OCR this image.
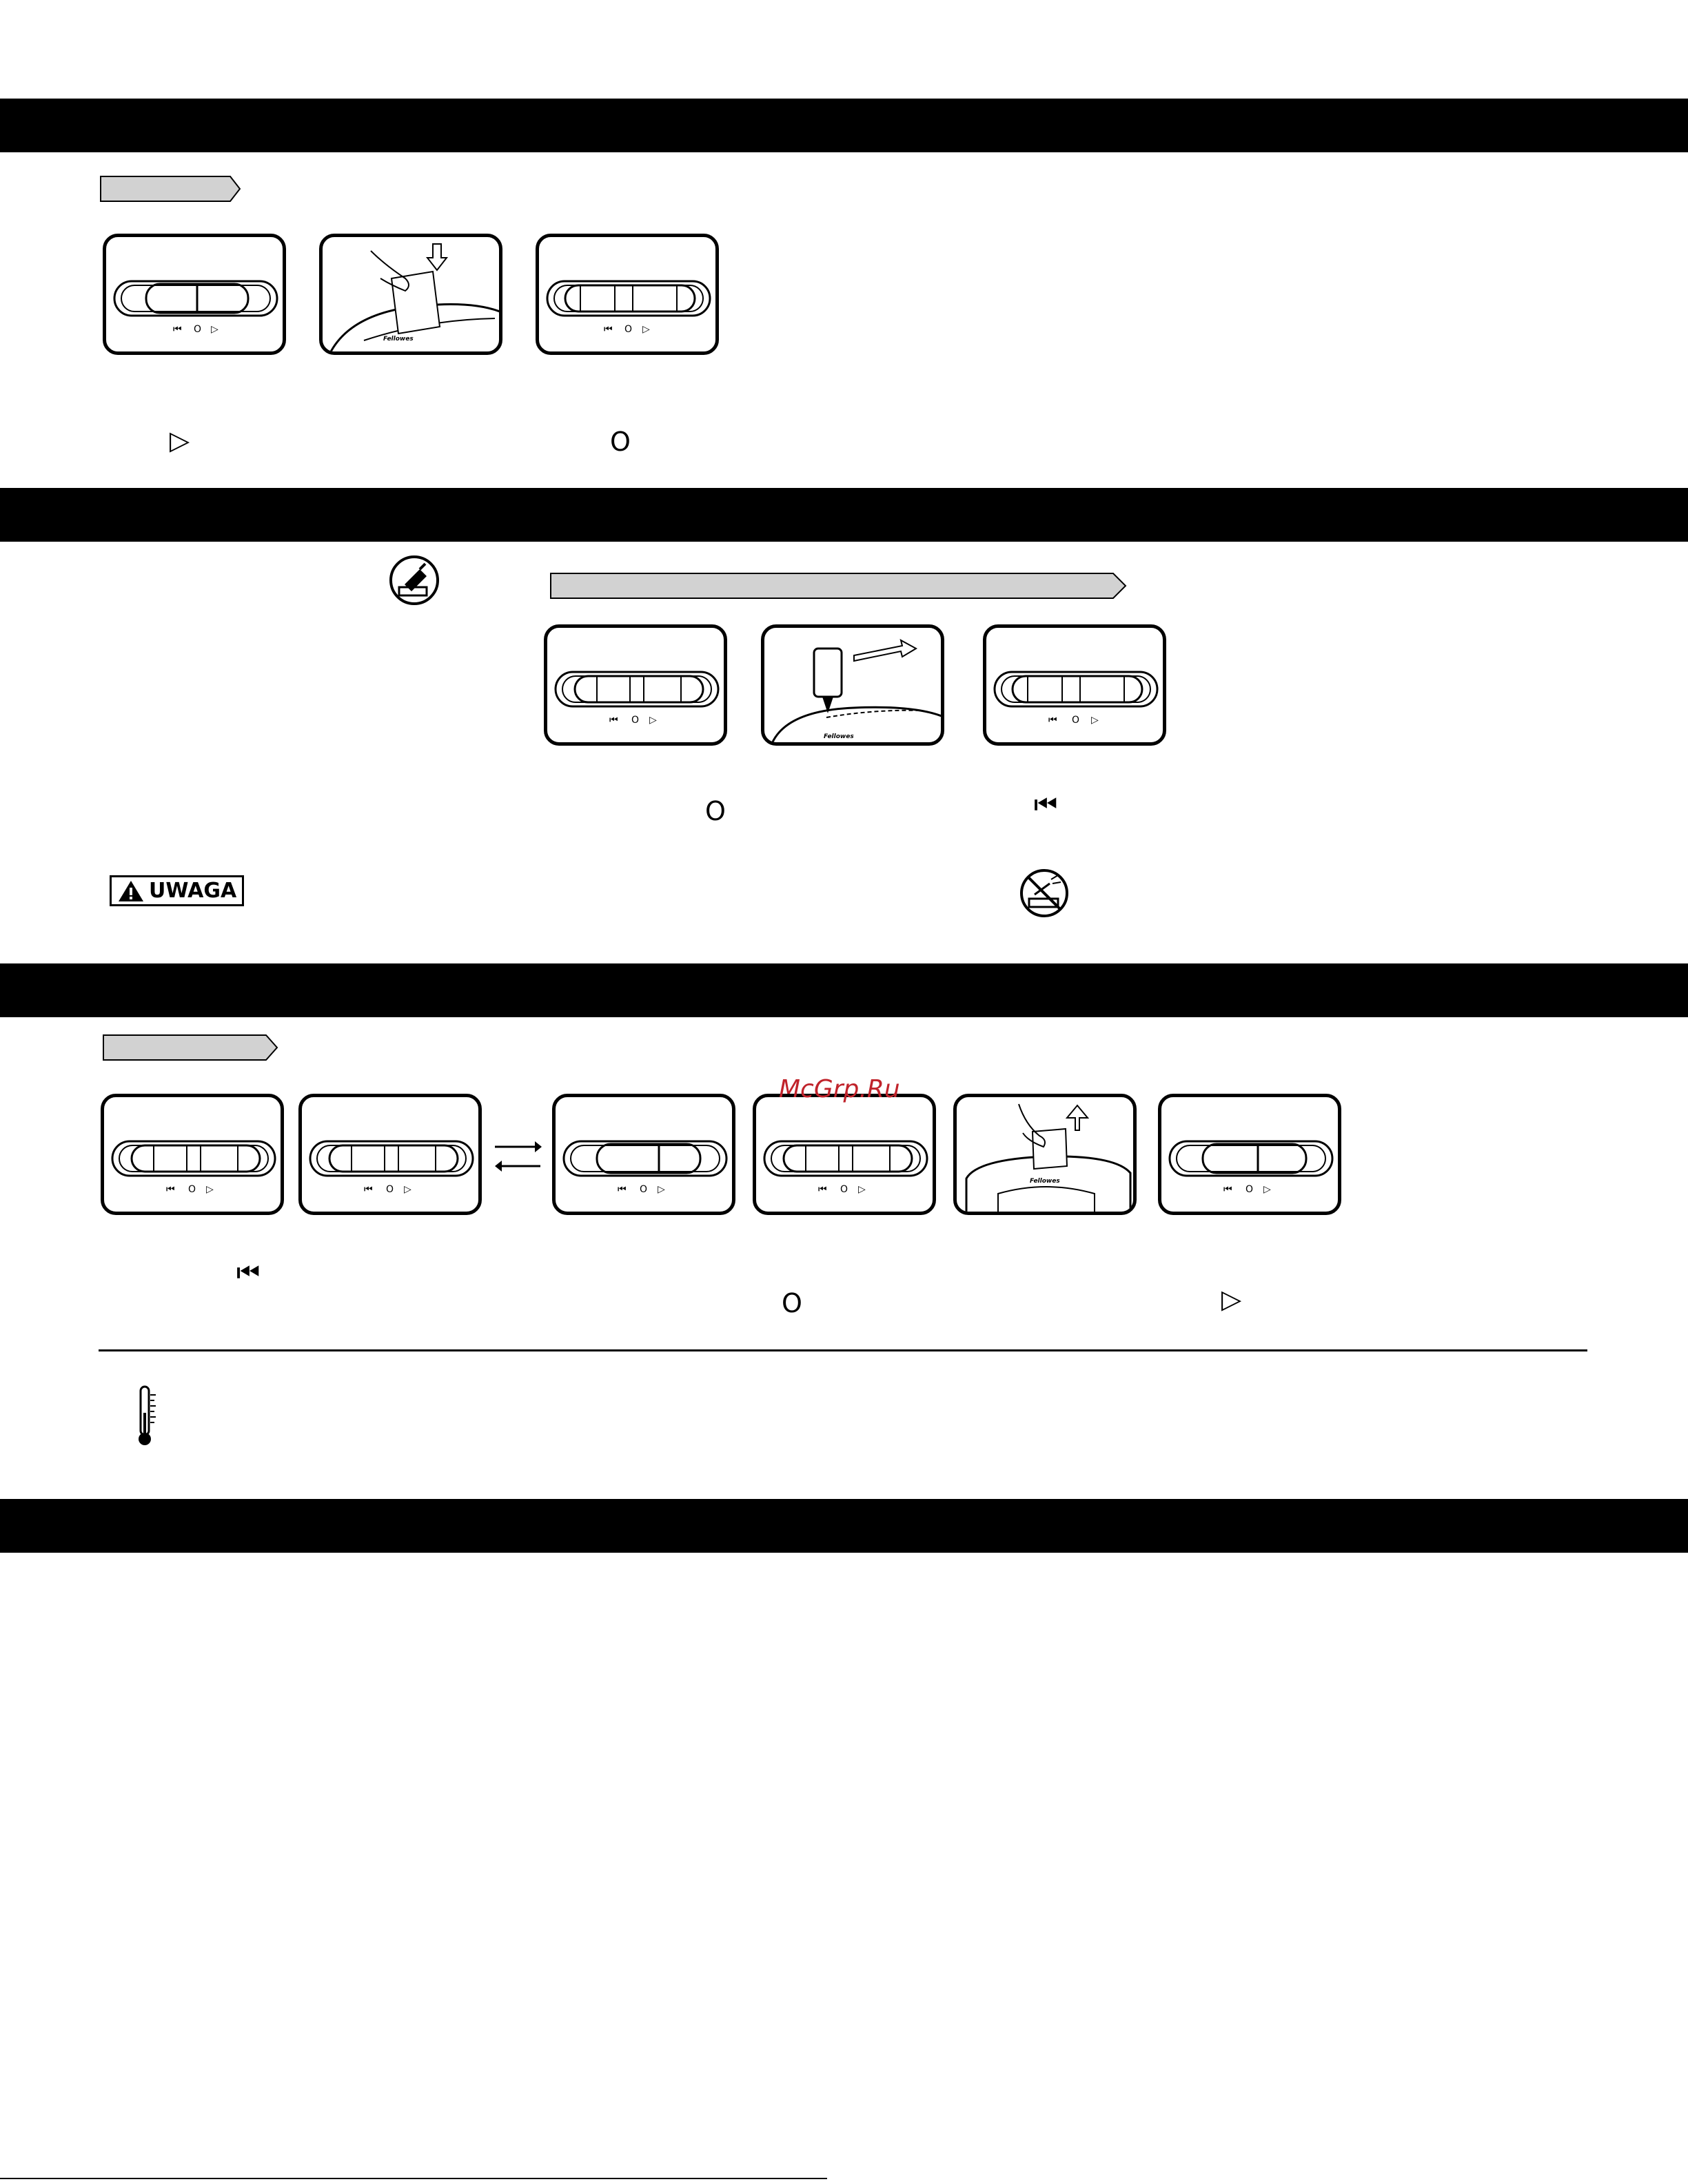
⏮ O ▷
Fellowes
⏮ O ▷
▷	O
⏮ O ▷
Fellowes
⏮ O ▷
O	⏮
UWAGA
⏮ O ▷	⏮ O ▷	⏮ O ▷	⏮ O ▷
Fellowes
⏮ O ▷
McGrp.Ru
⏮
O	▷
